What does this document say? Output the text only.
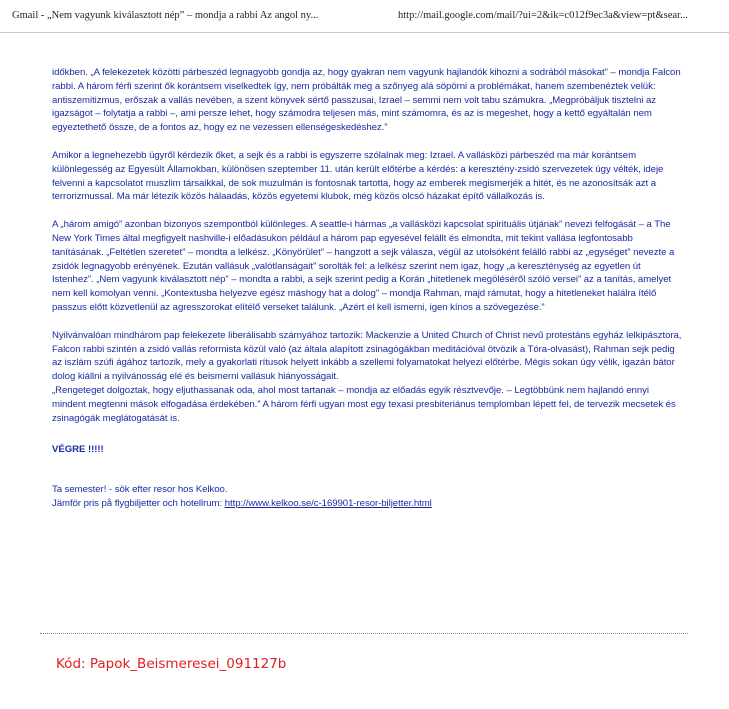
Gmail - „Nem vagyunk kiválasztott nép” – mondja a rabbi Az angol ny...	http://mail.google.com/mail/?ui=2&ik=c012f9ec3a&view=pt&sear...

időkben. „A felekezetek közötti párbeszéd legnagyobb gondja az, hogy gyakran nem vagyunk hajlandók kihozni a sodrából másokat” – mondja Falcon rabbi. A három férfi szerint ők korántsem viselkedtek így, nem próbálták meg a szőnyeg alá söpörni a problémákat, hanem szembenéztek velük: antiszemitizmus, erőszak a vallás nevében, a szent könyvek sértő passzusai, Izrael – semmi nem volt tabu számukra. „Megpróbáljuk tisztelni az igazságot – folytatja a rabbi –, ami persze lehet, hogy számodra teljesen más, mint számomra, és az is megeshet, hogy a kettő egyáltalán nem egyeztethető össze, de a fontos az, hogy ez ne vezessen ellenségeskedéshez.”

Amikor a legnehezebb ügyről kérdezik őket, a sejk és a rabbi is egyszerre szólalnak meg: Izrael. A vallásközi párbeszéd ma már korántsem különlegesség az Egyesült Államokban, különösen szeptember 11. után került előtérbe a kérdés: a keresztény-zsidó szervezetek úgy vélték, ideje felvenni a kapcsolatot muszlim társaikkal, de sok muzulmán is fontosnak tartotta, hogy az emberek megismerjék a hitét, és ne azonosítsák azt a terrorizmussal. Ma már létezik közös hálaadás, közös egyetemi klubok, még közös olcsó házakat építő vállalkozás is.

A „három amigó” azonban bizonyos szempontból különleges. A seattle-i hármas „a vallásközi kapcsolat spirituális útjának” nevezi felfogását – a The New York Times által megfigyelt nashville-i előadásukon például a három pap egyesével felállt és elmondta, mit tekint vallása legfontosabb tanításának. „Feltétlen szeretet” – mondta a lelkész. „Könyörület” – hangzott a sejk válasza, végül az utolsóként felálló rabbi az „egységet” nevezte a zsidók legnagyobb erényének. Ezután vallásuk „valótlanságait” sorolták fel: a lelkész szerint nem igaz, hogy „a kereszténység az egyetlen út Istenhez”. „Nem vagyunk kiválasztott nép” – mondta a rabbi, a sejk szerint pedig a Korán „hitetlenek megöléséről szóló versei” az a tanítás, amelyet nem kell komolyan venni. „Kontextusba helyezve egész máshogy hat a dolog” – mondja Rahman, majd rámutat, hogy a hitetleneket halálra ítélő passzus előtt közvetlenül az agresszorokat elítélő verseket találunk. „Azért el kell ismerni, igen kínos a szövegezése.”

Nyilvánvalóan mindhárom pap felekezete liberálisabb szárnyához tartozik: Mackenzie a United Church of Christ nevű protestáns egyház lelkipásztora, Falcon rabbi szintén a zsidó vallás reformista közül való (az általa alapított zsinagógákban meditációval ötvözik a Tóra-olvasást), Rahman sejk pedig az iszlám szúfi ágához tartozik, mely a gyakorlati rítusok helyett inkább a szellemi folyamatokat helyezi előtérbe. Mégis sokan úgy vélik, igazán bátor dolog kiállni a nyilvánosság elé és beismerni vallásuk hiányosságait.

„Rengeteget dolgoztak, hogy eljuthassanak oda, ahol most tartanak – mondja az előadás egyik résztvevője. – Legtöbbünk nem hajlandó ennyi mindent megtenni mások elfogadása érdekében.” A három férfi ugyan most egy texasi presbiteriánus templomban lépett fel, de tervezik mecsetek és zsinagógák meglátogatását is.

VÉGRE !!!!!

Ta semester! - sök efter resor hos Kelkoo.

Jämför pris på flygbiljetter och hotellrum: http://www.kelkoo.se/c-169901-resor-biljetter.html

Kód: Papok_Beismeresei_091127b
